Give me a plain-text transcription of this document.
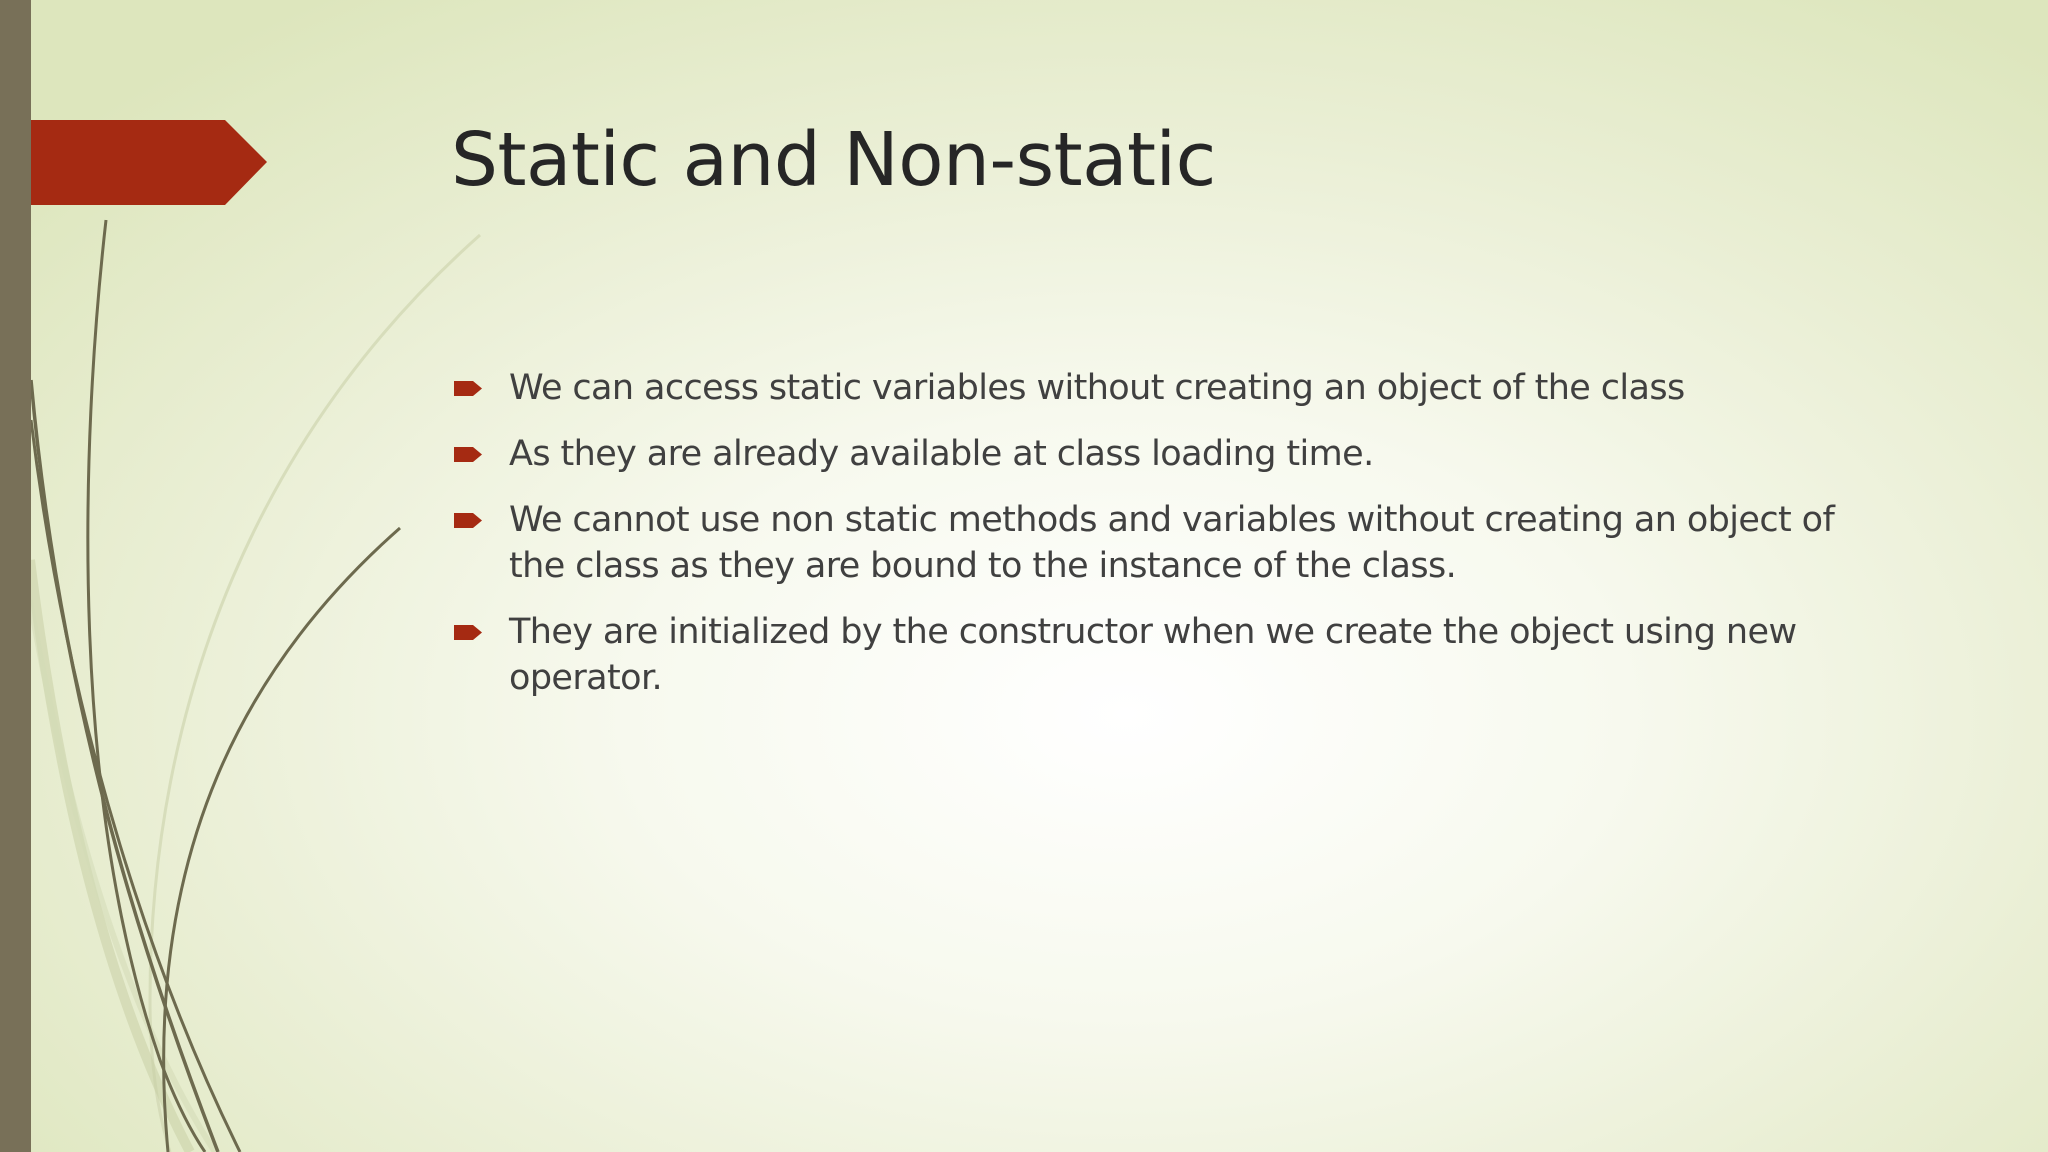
Static and Non-static
We can access static variables without creating an object of the class
As they are already available at class loading time.
We cannot use non static methods and variables without creating an object of the class as they are bound to the instance of the class.
They are initialized by the constructor when we create the object using new operator.
